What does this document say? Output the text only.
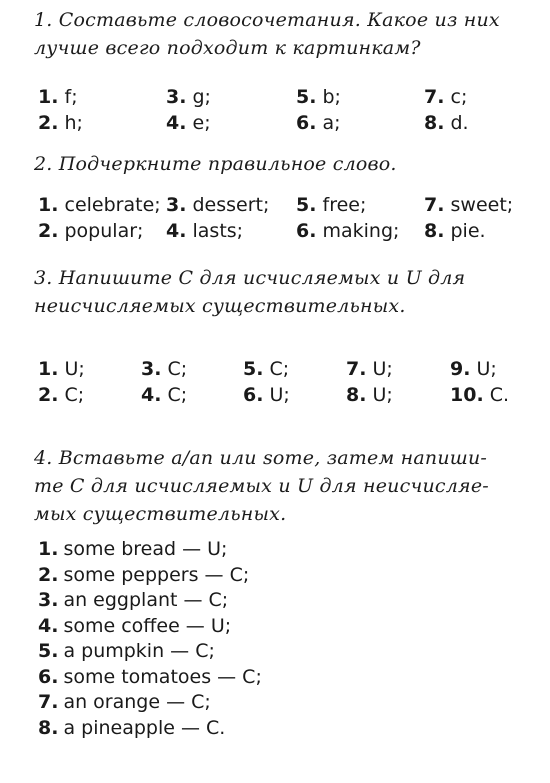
1. Составьте словосочетания. Какое из них
лучше всего подходит к картинкам?
1. f;	3. g;	5. b;	7. c;
2. h;	4. e;	6. a;	8. d.
2. Подчеркните правильное слово.
1. celebrate; 3. dessert; 5. free;	7. sweet;
2. popular; 4. lasts;	6. making; 8. pie.
3. Напишите С для исчисляемых и U для
неисчисляемых существительных.
1. U;	3. C;	5. C;	7. U;	9. U;
2. C;	4. C;	6. U;	8. U;	10. C.
4. Вставьте a/an или some, затем напиши-
те С для исчисляемых и U для неисчисляе-
мых существительных.
1. some bread — U;
2. some peppers — C;
3. an eggplant — C;
4. some coffee — U;
5. a pumpkin — C;
6. some tomatoes — C;
7. an orange — C;
8. a pineapple — C.
